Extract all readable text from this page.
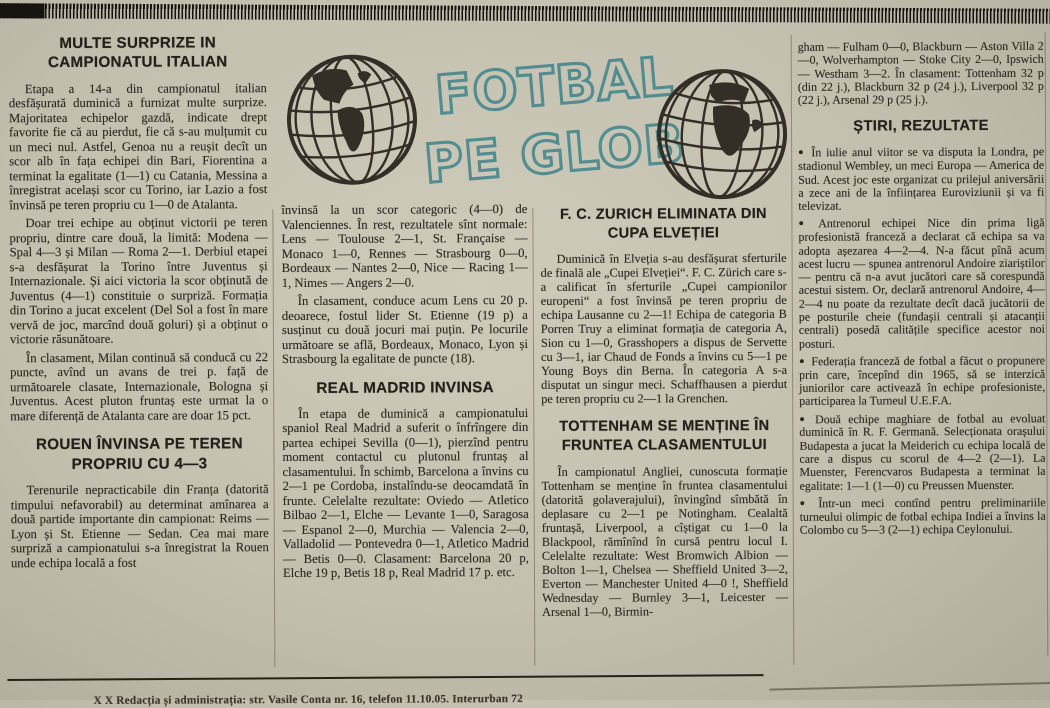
FOTBAL
PE GLOB
MULTE SURPRIZE IN CAMPIONATUL ITALIAN

Etapa a 14-a din campionatul italian desfășurată duminică a furnizat multe surprize. Majoritatea echipelor gazdă, indicate drept favorite fie că au pierdut, fie că s-au mulțumit cu un meci nul. Astfel, Genoa nu a reușit decît un scor alb în fața echipei din Bari, Fiorentina a terminat la egalitate (1—1) cu Catania, Messina a înregistrat același scor cu Torino, iar Lazio a fost învinsă pe teren propriu cu 1—0 de Atalanta.

Doar trei echipe au obținut victorii pe teren propriu, dintre care două, la limită: Modena — Spal 4—3 și Milan — Roma 2—1. Derbiul etapei s-a desfășurat la Torino între Juventus și Internazionale. Și aici victoria la scor obținută de Juventus (4—1) constituie o surpriză. Formația din Torino a jucat excelent (Del Sol a fost în mare vervă de joc, marcînd două goluri) și a obținut o victorie răsunătoare.

În clasament, Milan continuă să conducă cu 22 puncte, avînd un avans de trei p. față de următoarele clasate, Internazionale, Bologna și Juventus. Acest pluton fruntaș este urmat la o mare diferență de Atalanta care are doar 15 pct.

ROUEN ÎNVINSA PE TEREN PROPRIU CU 4—3

Terenurile nepracticabile din Franța (datorită timpului nefavorabil) au determinat amînarea a două partide importante din campionat: Reims — Lyon și St. Etienne — Sedan. Cea mai mare surpriză a campionatului s-a înregistrat la Rouen unde echipa locală a fost

învinsă la un scor categoric (4—0) de Valenciennes. În rest, rezultatele sînt normale: Lens — Toulouse 2—1, St. Française — Monaco 1—0, Rennes — Strasbourg 0—0, Bordeaux — Nantes 2—0, Nice — Racing 1—1, Nimes — Angers 2—0.

În clasament, conduce acum Lens cu 20 p. deoarece, fostul lider St. Etienne (19 p) a susținut cu două jocuri mai puțin. Pe locurile următoare se află, Bordeaux, Monaco, Lyon și Strasbourg la egalitate de puncte (18).

REAL MADRID INVINSA

În etapa de duminică a campionatului spaniol Real Madrid a suferit o înfrîngere din partea echipei Sevilla (0—1), pierzînd pentru moment contactul cu plutonul fruntaș al clasamentului. În schimb, Barcelona a învins cu 2—1 pe Cordoba, instalîndu-se deocamdată în frunte. Celelalte rezultate: Oviedo — Atletico Bilbao 2—1, Elche — Levante 1—0, Saragosa — Espanol 2—0, Murchia — Valencia 2—0, Valladolid — Pontevedra 0—1, Atletico Madrid — Betis 0—0. Clasament: Barcelona 20 p, Elche 19 p, Betis 18 p, Real Madrid 17 p. etc.

F. C. ZURICH ELIMINATA DIN CUPA ELVEȚIEI

Duminică în Elveția s-au desfășurat sferturile de finală ale „Cupei Elveției“. F. C. Zürich care s-a calificat în sferturile „Cupei campionilor europeni“ a fost învinsă pe teren propriu de echipa Lausanne cu 2—1! Echipa de categoria B Porren Truy a eliminat formația de categoria A, Sion cu 1—0, Grasshopers a dispus de Servette cu 3—1, iar Chaud de Fonds a învins cu 5—1 pe Young Boys din Berna. În categoria A s-a disputat un singur meci. Schaffhausen a pierdut pe teren propriu cu 2—1 la Grenchen.

TOTTENHAM SE MENȚINE ÎN FRUNTEA CLASAMENTULUI

În campionatul Angliei, cunoscuta formație Tottenham se menține în fruntea clasamentului (datorită golaverajului), învingînd sîmbătă în deplasare cu 2—1 pe Notingham. Cealaltă fruntașă, Liverpool, a cîștigat cu 1—0 la Blackpool, rămînînd în cursă pentru locul I. Celelalte rezultate: West Bromwich Albion — Bolton 1—1, Chelsea — Sheffield United 3—2, Everton — Manchester United 4—0 !, Sheffield Wednesday — Burnley 3—1, Leicester — Arsenal 1—0, Birmin-

gham — Fulham 0—0, Blackburn — Aston Villa 2—0, Wolverhampton — Stoke City 2—0, Ipswich — Westham 3—2. În clasament: Tottenham 32 p (din 22 j.), Blackburn 32 p (24 j.), Liverpool 32 p (22 j.), Arsenal 29 p (25 j.).

ȘTIRI, REZULTATE

● În iulie anul viitor se va disputa la Londra, pe stadionul Wembley, un meci Europa — America de Sud. Acest joc este organizat cu prilejul aniversării a zece ani de la înființarea Euroviziunii și va fi televizat.

● Antrenorul echipei Nice din prima ligă profesionistă franceză a declarat că echipa sa va adopta așezarea 4—2—4. N-a făcut pînă acum acest lucru — spunea antrenorul Andoire ziariștilor — pentru că n-a avut jucători care să corespundă acestui sistem. Or, declară antrenorul Andoire, 4—2—4 nu poate da rezultate decît dacă jucătorii de pe posturile cheie (fundașii centrali și atacanții centrali) posedă calitățile specifice acestor noi posturi.

● Federația franceză de fotbal a făcut o propunere prin care, începînd din 1965, să se interzică juniorilor care activează în echipe profesioniste, participarea la Turneul U.E.F.A.

● Două echipe maghiare de fotbal au evoluat duminică în R. F. Germană. Selecționata orașului Budapesta a jucat la Meiderich cu echipa locală de care a dispus cu scorul de 4—2 (2—1). La Muenster, Ferencvaros Budapesta a terminat la egalitate: 1—1 (1—0) cu Preussen Muenster.

● Într-un meci contînd pentru preliminariile turneului olimpic de fotbal echipa Indiei a învins la Colombo cu 5—3 (2—1) echipa Ceylonului.

X X Redacția și administrația: str. Vasile Conta nr. 16, telefon 11.10.05. Interurban 72
